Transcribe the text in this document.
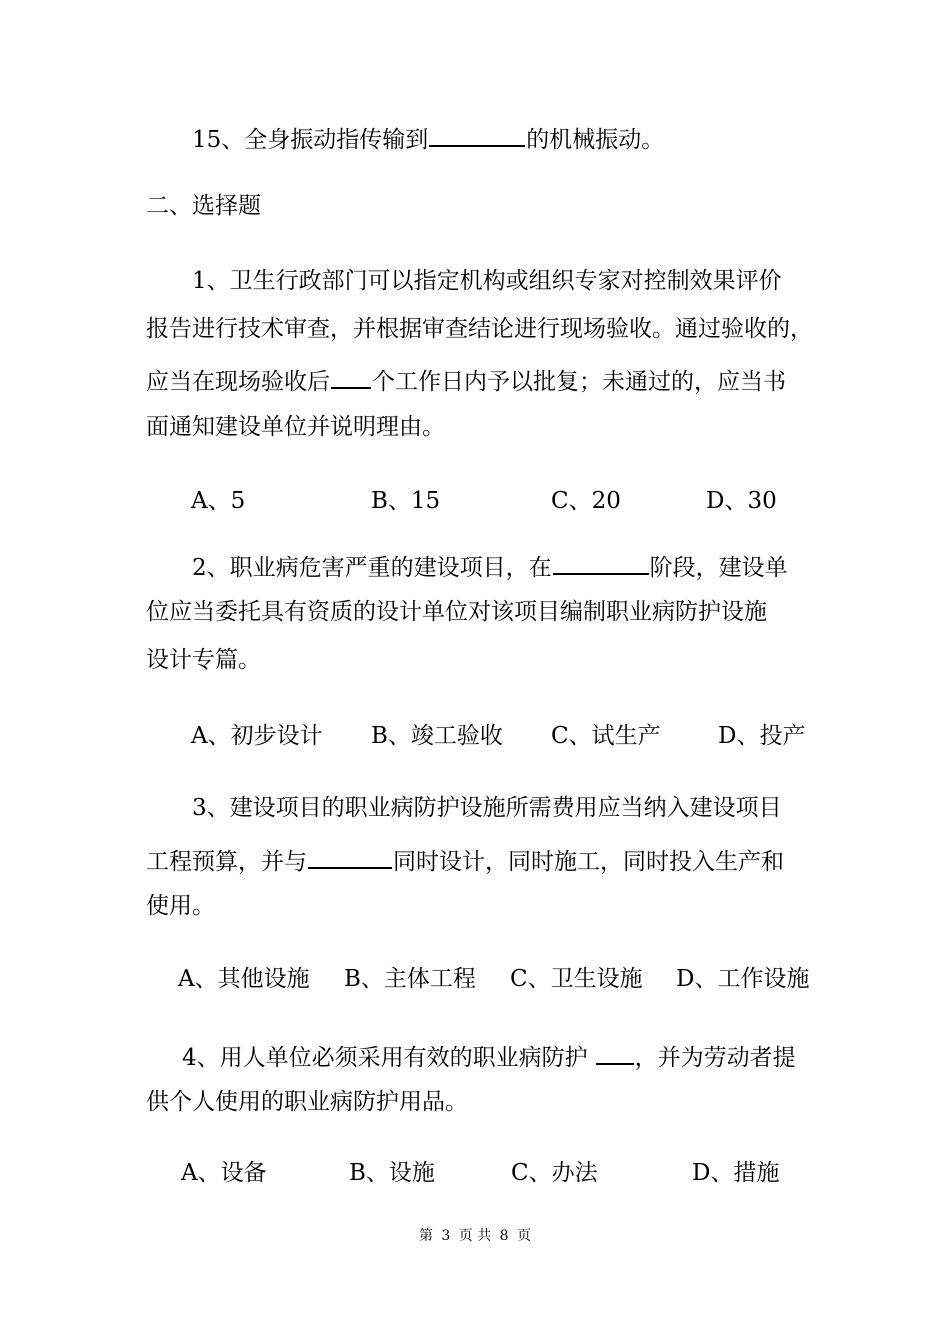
15、全身振动指传输到	的机械振动。
二、选择题
1、卫生行政部门可以指定机构或组织专家对控制效果评价
报告进行技术审查，并根据审查结论进行现场验收。通过验收的，
应当在现场验收后 个工作日内予以批复；未通过的，应当书
面通知建设单位并说明理由。
A、5	B、15	C、20	D、30
2、职业病危害严重的建设项目，在	阶段，建设单
位应当委托具有资质的设计单位对该项目编制职业病防护设施
设计专篇。
A、初步设计 B、竣工验收 C、试生产 D、投产
3、建设项目的职业病防护设施所需费用应当纳入建设项目
工程预算，并与	同时设计，同时施工，同时投入生产和
使用。
A、其他设施 B、主体工程 C、卫生设施 D、工作设施
4、用人单位必须采用有效的职业病防护 ，并为劳动者提
供个人使用的职业病防护用品。
A、设备	B、设施	C、办法	D、措施
第 3 页 共 8 页
